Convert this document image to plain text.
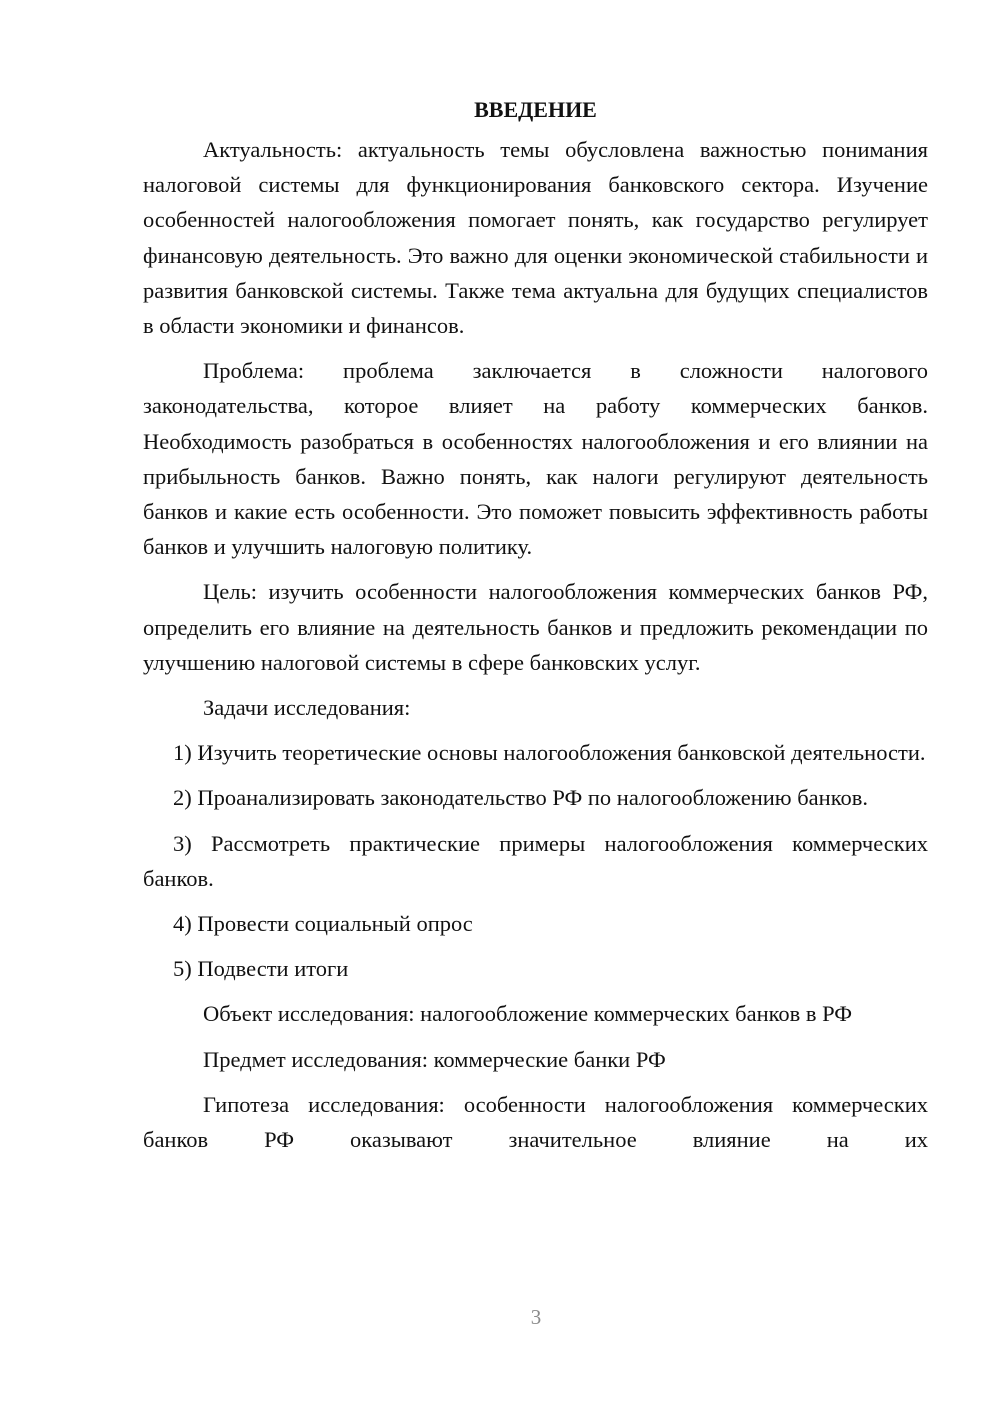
ВВЕДЕНИЕ

Актуальность: актуальность темы обусловлена важностью понимания налоговой системы для функционирования банковского сектора. Изучение особенностей налогообложения помогает понять, как государство регулирует финансовую деятельность. Это важно для оценки экономической стабильности и развития банковской системы. Также тема актуальна для будущих специалистов в области экономики и финансов.

Проблема: проблема заключается в сложности налогового законодательства, которое влияет на работу коммерческих банков. Необходимость разобраться в особенностях налогообложения и его влиянии на прибыльность банков. Важно понять, как налоги регулируют деятельность банков и какие есть особенности. Это поможет повысить эффективность работы банков и улучшить налоговую политику.

Цель: изучить особенности налогообложения коммерческих банков РФ, определить его влияние на деятельность банков и предложить рекомендации по улучшению налоговой системы в сфере банковских услуг.

Задачи исследования:

1) Изучить теоретические основы налогообложения банковской деятельности.

2) Проанализировать законодательство РФ по налогообложению банков.

3) Рассмотреть практические примеры налогообложения коммерческих банков.

4) Провести социальный опрос

5) Подвести итоги

Объект исследования: налогообложение коммерческих банков в РФ

Предмет исследования: коммерческие банки РФ

Гипотеза исследования: особенности налогообложения коммерческих банков РФ оказывают значительное влияние на их

3
